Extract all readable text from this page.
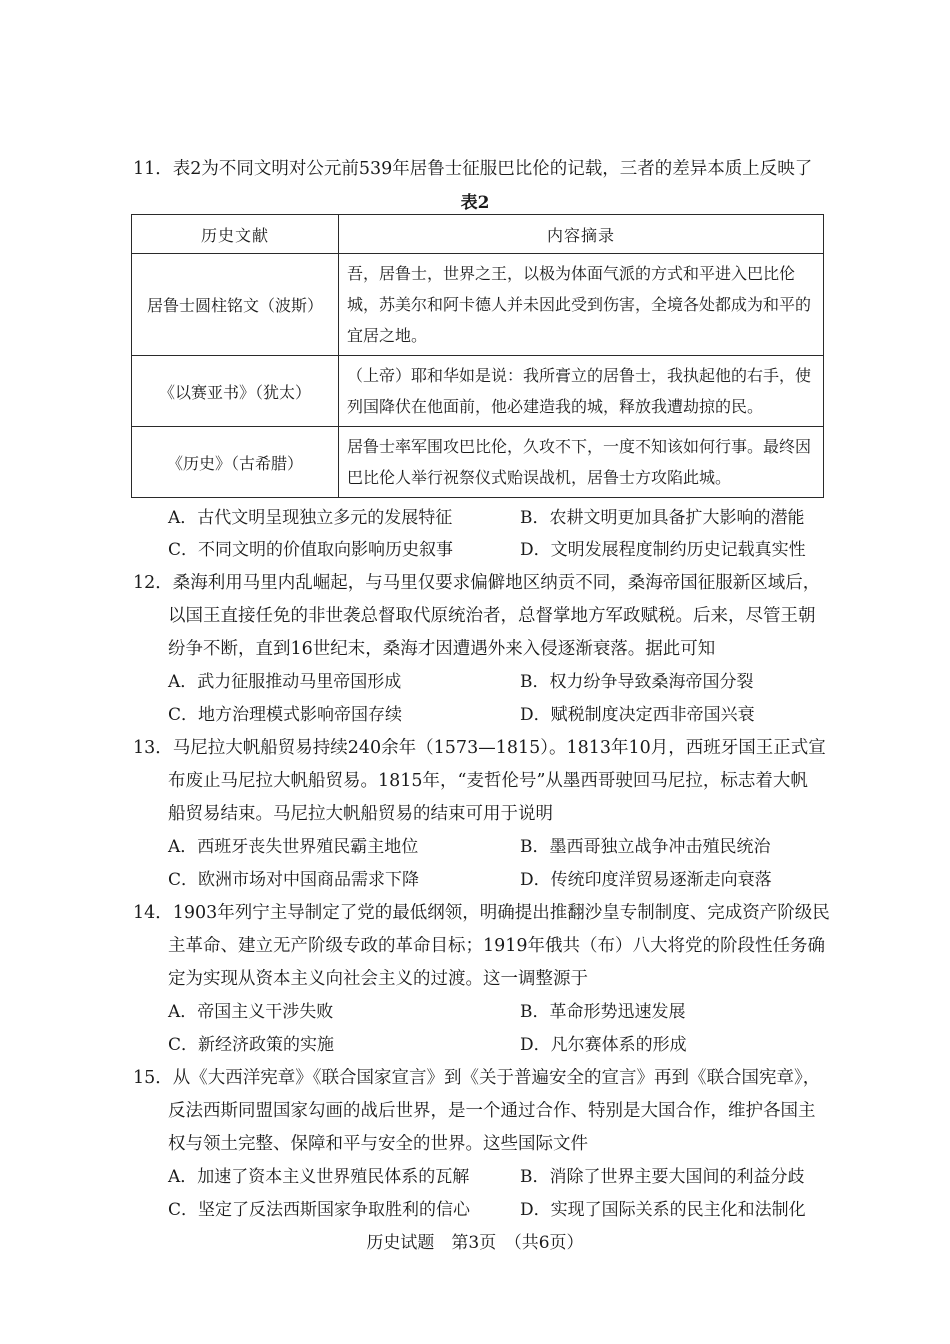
11．表2为不同文明对公元前539年居鲁士征服巴比伦的记载，三者的差异本质上反映了
表2
历史文献	内容摘录
居鲁士圆柱铭文（波斯）	吾，居鲁士，世界之王，以极为体面气派的方式和平进入巴比伦城，苏美尔和阿卡德人并未因此受到伤害，全境各处都成为和平的宜居之地。
《以赛亚书》（犹太）	（上帝）耶和华如是说：我所膏立的居鲁士，我执起他的右手，使列国降伏在他面前，他必建造我的城，释放我遭劫掠的民。
《历史》（古希腊）	居鲁士率军围攻巴比伦，久攻不下，一度不知该如何行事。最终因巴比伦人举行祝祭仪式贻误战机，居鲁士方攻陷此城。
A．古代文明呈现独立多元的发展特征	B．农耕文明更加具备扩大影响的潜能
C．不同文明的价值取向影响历史叙事	D．文明发展程度制约历史记载真实性
12．桑海利用马里内乱崛起，与马里仅要求偏僻地区纳贡不同，桑海帝国征服新区域后，
以国王直接任免的非世袭总督取代原统治者，总督掌地方军政赋税。后来，尽管王朝
纷争不断，直到16世纪末，桑海才因遭遇外来入侵逐渐衰落。据此可知
A．武力征服推动马里帝国形成	B．权力纷争导致桑海帝国分裂
C．地方治理模式影响帝国存续	D．赋税制度决定西非帝国兴衰
13．马尼拉大帆船贸易持续240余年（1573—1815）。1813年10月，西班牙国王正式宣
布废止马尼拉大帆船贸易。1815年，“麦哲伦号”从墨西哥驶回马尼拉，标志着大帆
船贸易结束。马尼拉大帆船贸易的结束可用于说明
A．西班牙丧失世界殖民霸主地位	B．墨西哥独立战争冲击殖民统治
C．欧洲市场对中国商品需求下降	D．传统印度洋贸易逐渐走向衰落
14．1903年列宁主导制定了党的最低纲领，明确提出推翻沙皇专制制度、完成资产阶级民
主革命、建立无产阶级专政的革命目标；1919年俄共（布）八大将党的阶段性任务确
定为实现从资本主义向社会主义的过渡。这一调整源于
A．帝国主义干涉失败	B．革命形势迅速发展
C．新经济政策的实施	D．凡尔赛体系的形成
15．从《大西洋宪章》《联合国家宣言》到《关于普遍安全的宣言》再到《联合国宪章》，
反法西斯同盟国家勾画的战后世界，是一个通过合作、特别是大国合作，维护各国主
权与领土完整、保障和平与安全的世界。这些国际文件
A．加速了资本主义世界殖民体系的瓦解	B．消除了世界主要大国间的利益分歧
C．坚定了反法西斯国家争取胜利的信心	D．实现了国际关系的民主化和法制化
历史试题　第3页　（共6页）
